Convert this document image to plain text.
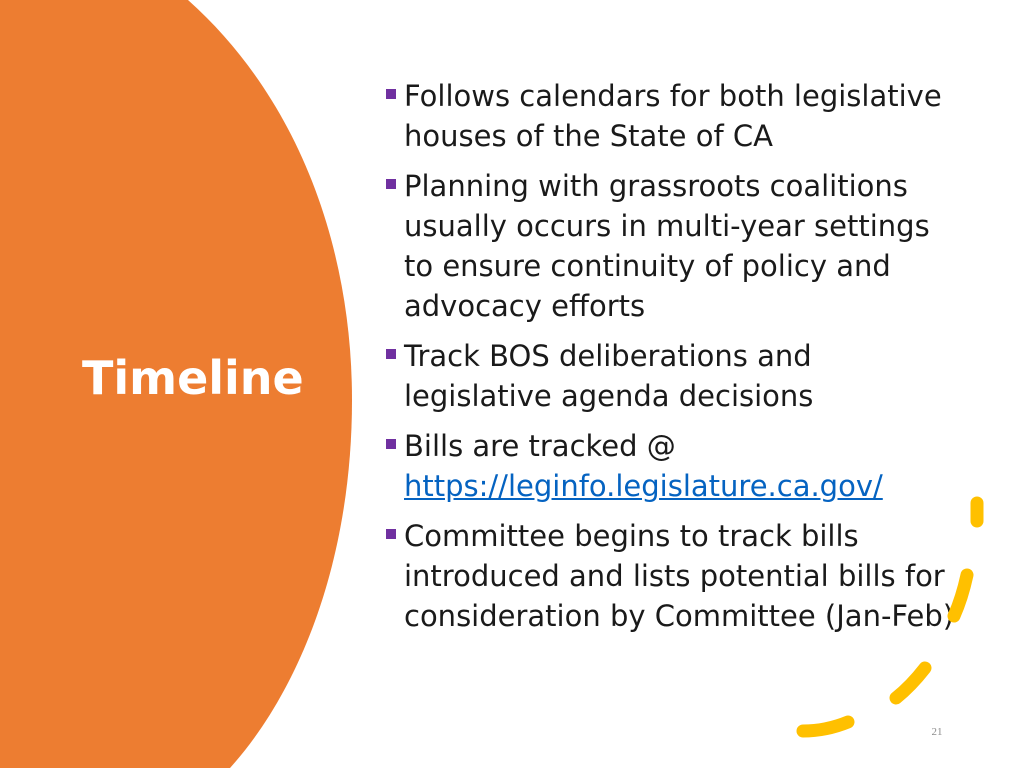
Timeline
Follows calendars for both legislative houses of the State of CA
Planning with grassroots coalitions usually occurs in multi-year settings to ensure continuity of policy and advocacy efforts
Track BOS deliberations and legislative agenda decisions
Bills are tracked @
https://leginfo.legislature.ca.gov/
Committee begins to track bills introduced and lists potential bills for consideration by Committee (Jan-Feb)
21
